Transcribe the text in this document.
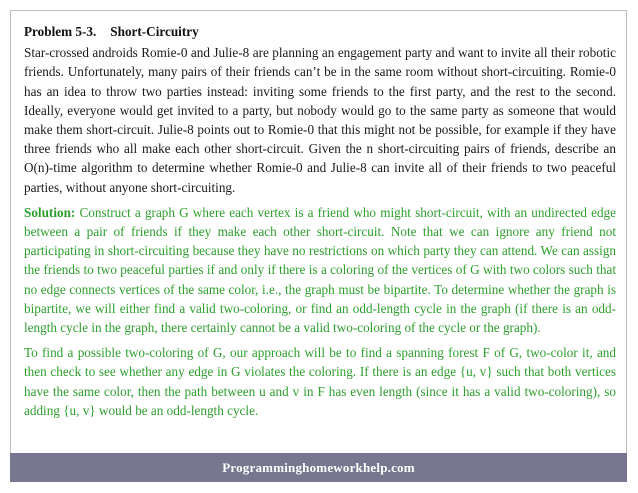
Problem 5-3. Short-Circuitry

Star-crossed androids Romie-0 and Julie-8 are planning an engagement party and want to invite all their robotic friends. Unfortunately, many pairs of their friends can’t be in the same room without short-circuiting. Romie-0 has an idea to throw two parties instead: inviting some friends to the first party, and the rest to the second. Ideally, everyone would get invited to a party, but nobody would go to the same party as someone that would make them short-circuit. Julie-8 points out to Romie-0 that this might not be possible, for example if they have three friends who all make each other short-circuit. Given the n short-circuiting pairs of friends, describe an O(n)-time algorithm to determine whether Romie-0 and Julie-8 can invite all of their friends to two peaceful parties, without anyone short-circuiting.

Solution: Construct a graph G where each vertex is a friend who might short-circuit, with an undirected edge between a pair of friends if they make each other short-circuit. Note that we can ignore any friend not participating in short-circuiting because they have no restrictions on which party they can attend. We can assign the friends to two peaceful parties if and only if there is a coloring of the vertices of G with two colors such that no edge connects vertices of the same color, i.e., the graph must be bipartite. To determine whether the graph is bipartite, we will either find a valid two-coloring, or find an odd-length cycle in the graph (if there is an odd-length cycle in the graph, there certainly cannot be a valid two-coloring of the cycle or the graph).

To find a possible two-coloring of G, our approach will be to find a spanning forest F of G, two-color it, and then check to see whether any edge in G violates the coloring. If there is an edge {u, v} such that both vertices have the same color, then the path between u and v in F has even length (since it has a valid two-coloring), so adding {u, v} would be an odd-length cycle.

Programminghomeworkhelp.com
